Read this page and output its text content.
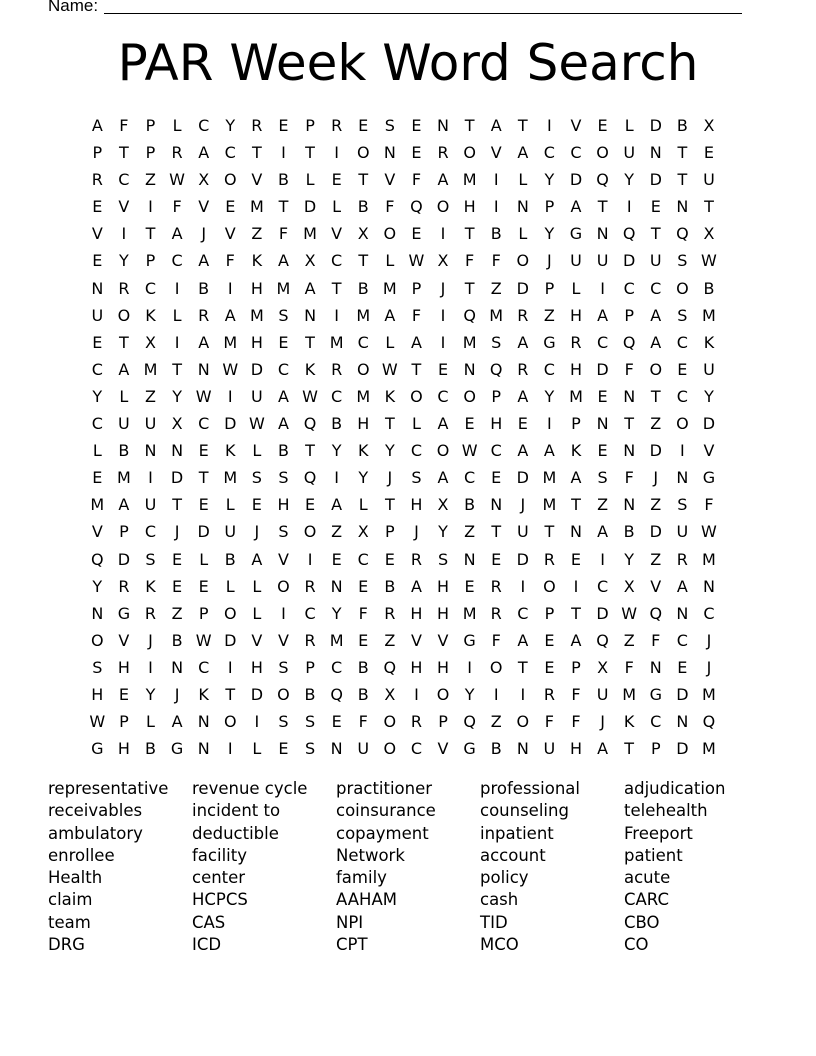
Name:
PAR Week Word Search
A	F	P	L	C	Y	R E	P	R E	S	E N T	A	T	I	V	E	L D B X
P	T	P	R A C	T	I	T	I	O N E R O V A C C O U N T	E
R C Z W X O V B	L	E	T	V	F	A M	I	L	Y D Q Y D T U
E	V	I	F	V	E M T D L	B	F Q O H	I	N P	A	T	I	E N T
V	I	T	A	J	V Z	F M V X O E	I	T	B	L	Y G N Q T Q X
E	Y	P	C A	F	K A X C	T	L W X	F	F O	J	U U D U S W
N R C	I	B	I	H M A	T	B M P	J	T	Z D P	L	I	C C O B
U O K	L	R A M S N	I	M A	F	I	Q M R Z H A	P	A	S M
E	T	X	I	A M H E	T M C	L	A	I	M S	A G R C Q A C K
C A M T N W D C K R O W T	E N Q R C H D F O E U
Y	L	Z	Y W	I	U A W C M K O C O P	A	Y M E N T	C	Y
C U U X C D W A Q B H T	L	A	E H E	I	P N T	Z O D
L	B N N E	K	L	B	T	Y	K	Y	C O W C A A K	E N D	I	V
E M	I	D T M S	S Q	I	Y	J	S	A C E D M A	S	F	J	N G
M A U T	E	L	E H E	A	L	T H X B N	J	M T	Z N Z	S	F
V	P	C	J	D U	J	S O Z X	P	J	Y	Z	T U T N A B D U W
Q D S	E	L	B A V	I	E C E R S N E D R E	I	Y	Z R M
Y	R K	E	E	L	L O R N E	B A H E R	I	O	I	C X V A N
N G R Z	P O L	I	C	Y	F	R H H M R C	P	T D W Q N C
O V	J	B W D V V R M E	Z V V G F	A	E	A Q Z	F	C	J
S H	I	N C	I	H S	P	C B Q H H	I	O T	E	P	X	F	N E	J
H E	Y	J	K	T D O B Q B X	I	O Y	I	I	R	F	U M G D M
W P	L	A N O	I	S	S	E	F O R	P Q Z O F	F	J	K C N Q
G H B G N	I	L	E	S N U O C V G B N U H A	T	P D M
representative	revenue cycle	practitioner	professional	adjudication
receivables	incident to	coinsurance	counseling	telehealth
ambulatory	deductible	copayment	inpatient	Freeport
enrollee	facility	Network	account	patient
Health	center	family	policy	acute
claim	HCPCS	AAHAM	cash	CARC
team	CAS	NPI	TID	CBO
DRG	ICD	CPT	MCO	CO
